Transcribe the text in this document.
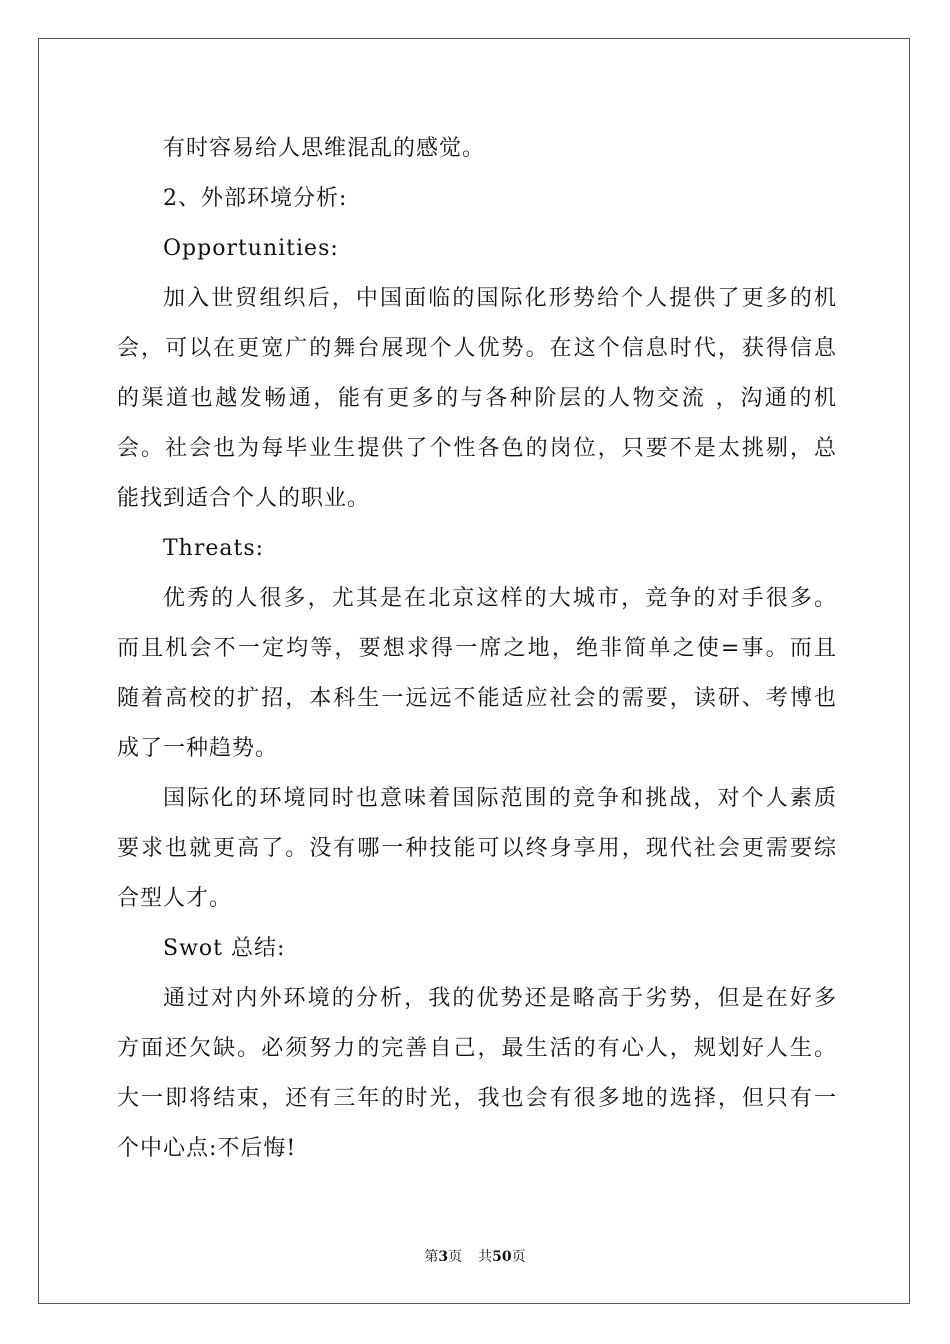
有时容易给人思维混乱的感觉。
2、外部环境分析:
Opportunities:
加入世贸组织后，中国面临的国际化形势给个人提供了更多的机
会，可以在更宽广的舞台展现个人优势。在这个信息时代，获得信息
的渠道也越发畅通，能有更多的与各种阶层的人物交流 ，沟通的机
会。社会也为每毕业生提供了个性各色的岗位，只要不是太挑剔，总
能找到适合个人的职业。
Threats:
优秀的人很多，尤其是在北京这样的大城市，竞争的对手很多。
而且机会不一定均等，要想求得一席之地，绝非简单之使=事。而且
随着高校的扩招，本科生一远远不能适应社会的需要，读研、考博也
成了一种趋势。
国际化的环境同时也意味着国际范围的竞争和挑战，对个人素质
要求也就更高了。没有哪一种技能可以终身享用，现代社会更需要综
合型人才。
Swot 总结:
通过对内外环境的分析，我的优势还是略高于劣势，但是在好多
方面还欠缺。必须努力的完善自己，最生活的有心人，规划好人生。
大一即将结束，还有三年的时光，我也会有很多地的选择，但只有一
个中心点:不后悔!
第3页 共50页
